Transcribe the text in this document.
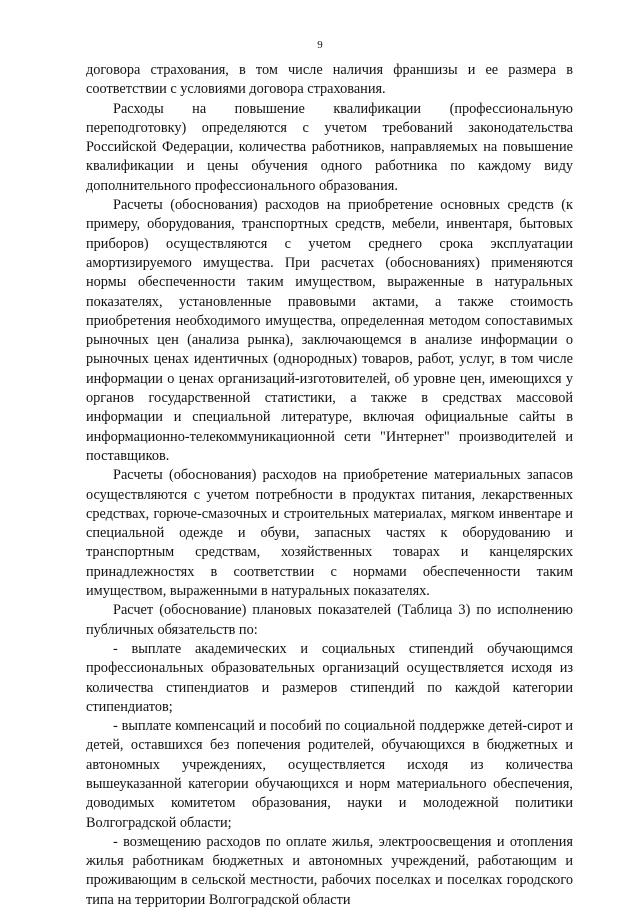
9

договора страхования, в том числе наличия франшизы и ее размера в соответствии с условиями договора страхования.

Расходы на повышение квалификации (профессиональную переподготовку) определяются с учетом требований законодательства Российской Федерации, количества работников, направляемых на повышение квалификации и цены обучения одного работника по каждому виду дополнительного профессионального образования.

Расчеты (обоснования) расходов на приобретение основных средств (к примеру, оборудования, транспортных средств, мебели, инвентаря, бытовых приборов) осуществляются с учетом среднего срока эксплуатации амортизируемого имущества. При расчетах (обоснованиях) применяются нормы обеспеченности таким имуществом, выраженные в натуральных показателях, установленные правовыми актами, а также стоимость приобретения необходимого имущества, определенная методом сопоставимых рыночных цен (анализа рынка), заключающемся в анализе информации о рыночных ценах идентичных (однородных) товаров, работ, услуг, в том числе информации о ценах организаций-изготовителей, об уровне цен, имеющихся у органов государственной статистики, а также в средствах массовой информации и специальной литературе, включая официальные сайты в информационно-телекоммуникационной сети "Интернет" производителей и поставщиков.

Расчеты (обоснования) расходов на приобретение материальных запасов осуществляются с учетом потребности в продуктах питания, лекарственных средствах, горюче-смазочных и строительных материалах, мягком инвентаре и специальной одежде и обуви, запасных частях к оборудованию и транспортным средствам, хозяйственных товарах и канцелярских принадлежностях в соответствии с нормами обеспеченности таким имуществом, выраженными в натуральных показателях.

Расчет (обоснование) плановых показателей (Таблица 3) по исполнению публичных обязательств по:

- выплате академических и социальных стипендий обучающимся профессиональных образовательных организаций осуществляется исходя из количества стипендиатов и размеров стипендий по каждой категории стипендиатов;

- выплате компенсаций и пособий по социальной поддержке детей-сирот и детей, оставшихся без попечения родителей, обучающихся в бюджетных и автономных учреждениях, осуществляется исходя из количества вышеуказанной категории обучающихся и норм материального обеспечения, доводимых комитетом образования, науки и молодежной политики Волгоградской области;

- возмещению расходов по оплате жилья, электроосвещения и отопления жилья работникам бюджетных и автономных учреждений, работающим и проживающим в сельской местности, рабочих поселках и поселках городского типа на территории Волгоградской области
